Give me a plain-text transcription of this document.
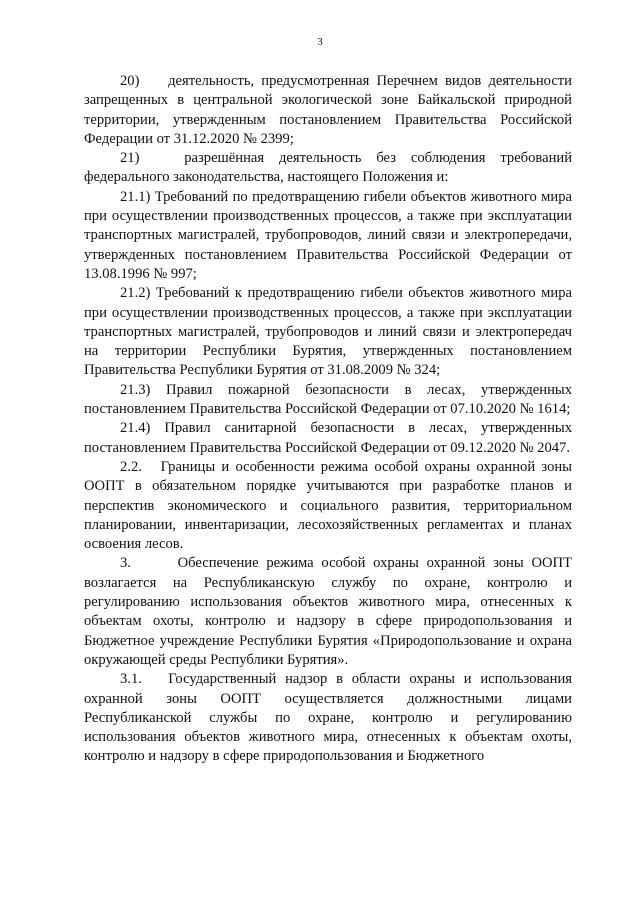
3

20)    деятельность, предусмотренная Перечнем видов деятельности запрещенных в центральной экологической зоне Байкальской природной территории, утвержденным постановлением Правительства Российской Федерации от 31.12.2020 № 2399;

21)   разрешённая деятельность без соблюдения требований федерального законодательства, настоящего Положения и:

21.1) Требований по предотвращению гибели объектов животного мира при осуществлении производственных процессов, а также при эксплуатации транспортных магистралей, трубопроводов, линий связи и электропередачи, утвержденных постановлением Правительства Российской Федерации от 13.08.1996 № 997;

21.2) Требований к предотвращению гибели объектов животного мира при осуществлении производственных процессов, а также при эксплуатации транспортных магистралей, трубопроводов и линий связи и электропередач на территории Республики Бурятия, утвержденных постановлением Правительства Республики Бурятия от 31.08.2009 № 324;

21.3) Правил пожарной безопасности в лесах, утвержденных постановлением Правительства Российской Федерации от 07.10.2020 № 1614;

21.4) Правил санитарной безопасности в лесах, утвержденных постановлением Правительства Российской Федерации от 09.12.2020 № 2047.

2.2.   Границы и особенности режима особой охраны охранной зоны ООПТ в обязательном порядке учитываются при разработке планов и перспектив экономического и социального развития, территориальном планировании, инвентаризации, лесохозяйственных регламентах и планах освоения лесов.

3.      Обеспечение режима особой охраны охранной зоны ООПТ возлагается на Республиканскую службу по охране, контролю и регулированию использования объектов животного мира, отнесенных к объектам охоты, контролю и надзору в сфере природопользования и Бюджетное учреждение Республики Бурятия «Природопользование и охрана окружающей среды Республики Бурятия».

3.1.   Государственный надзор в области охраны и использования охранной зоны ООПТ осуществляется должностными лицами Республиканской службы по охране, контролю и регулированию использования объектов животного мира, отнесенных к объектам охоты, контролю и надзору в сфере природопользования и Бюджетного
